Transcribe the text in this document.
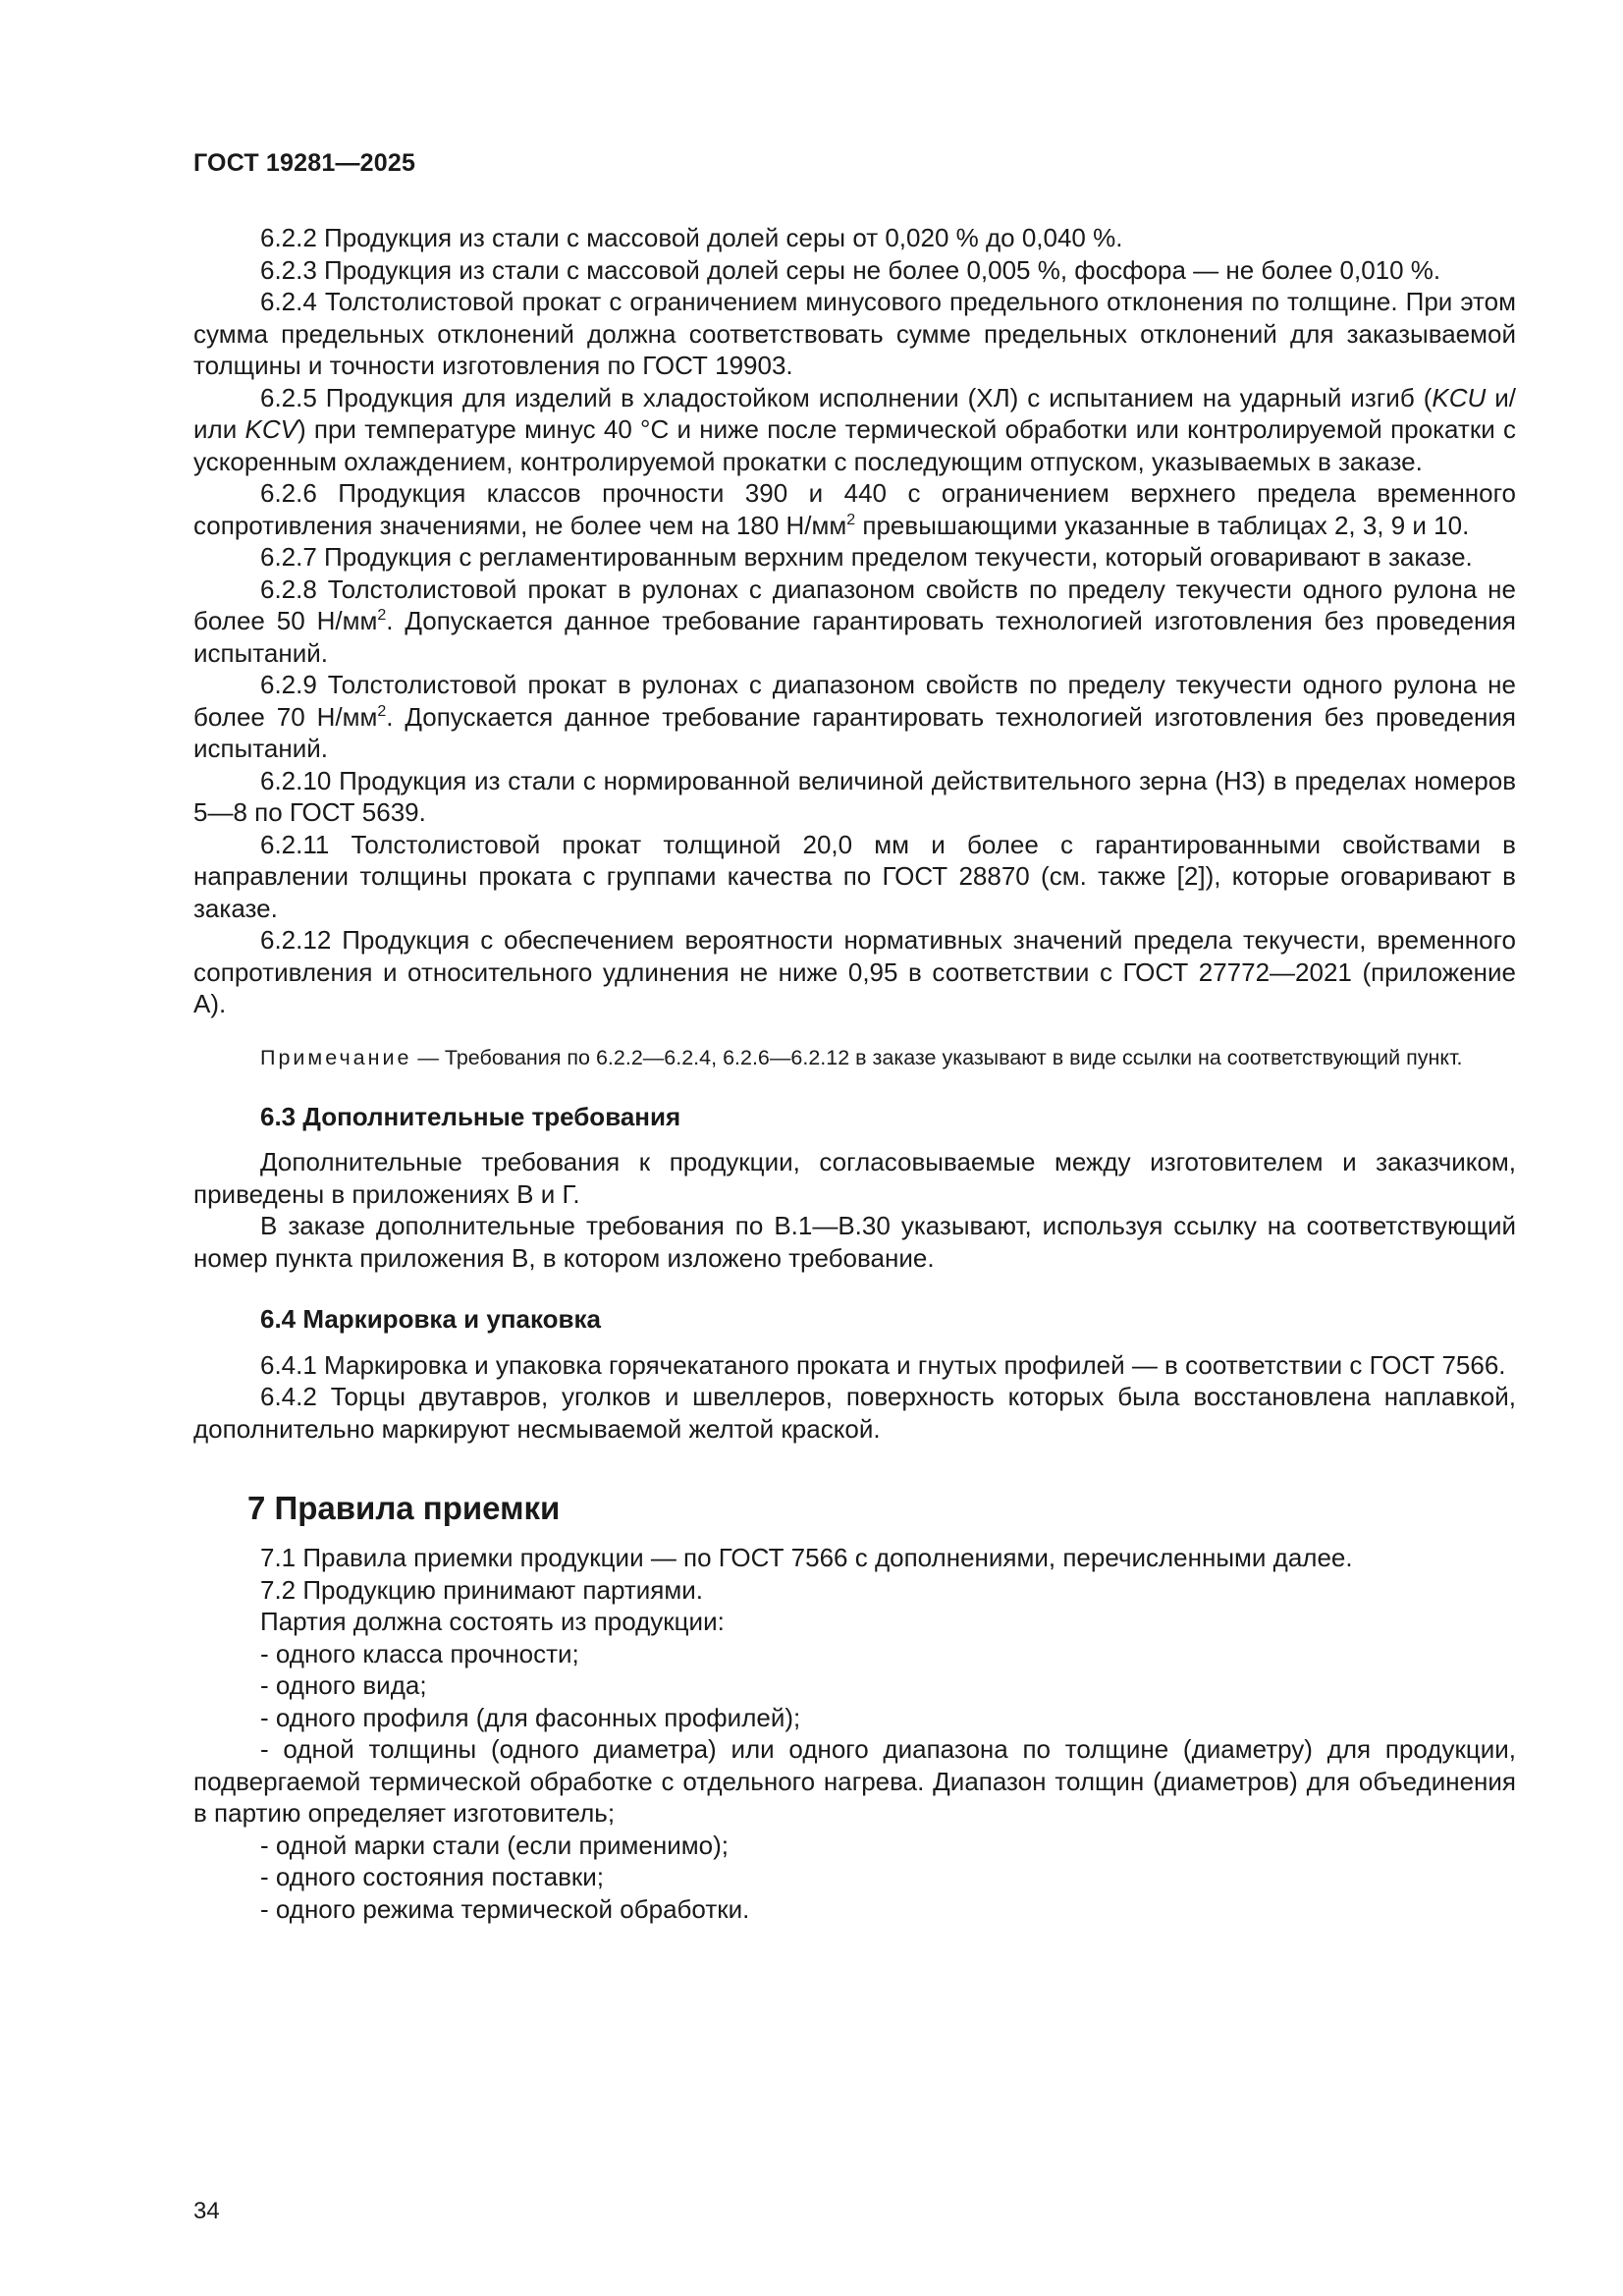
ГОСТ 19281—2025

6.2.2 Продукция из стали с массовой долей серы от 0,020 % до 0,040 %.

6.2.3 Продукция из стали с массовой долей серы не более 0,005 %, фосфора — не более 0,010 %.

6.2.4 Толстолистовой прокат с ограничением минусового предельного отклонения по толщине. При этом сумма предельных отклонений должна соответствовать сумме предельных отклонений для заказываемой толщины и точности изготовления по ГОСТ 19903.

6.2.5 Продукция для изделий в хладостойком исполнении (ХЛ) с испытанием на ударный изгиб (KCU и/или KCV) при температуре минус 40 °С и ниже после термической обработки или контролируемой прокатки с ускоренным охлаждением, контролируемой прокатки с последующим отпуском, указываемых в заказе.

6.2.6 Продукция классов прочности 390 и 440 с ограничением верхнего предела временного сопротивления значениями, не более чем на 180 $Н/мм^2$ превышающими указанные в таблицах 2, 3, 9 и 10.

6.2.7 Продукция с регламентированным верхним пределом текучести, который оговаривают в заказе.

6.2.8 Толстолистовой прокат в рулонах с диапазоном свойств по пределу текучести одного рулона не более 50 $Н/мм^2$. Допускается данное требование гарантировать технологией изготовления без проведения испытаний.

6.2.9 Толстолистовой прокат в рулонах с диапазоном свойств по пределу текучести одного рулона не более 70 $Н/мм^2$. Допускается данное требование гарантировать технологией изготовления без проведения испытаний.

6.2.10 Продукция из стали с нормированной величиной действительного зерна (НЗ) в пределах номеров 5—8 по ГОСТ 5639.

6.2.11 Толстолистовой прокат толщиной 20,0 мм и более с гарантированными свойствами в направлении толщины проката с группами качества по ГОСТ 28870 (см. также [2]), которые оговаривают в заказе.

6.2.12 Продукция с обеспечением вероятности нормативных значений предела текучести, временного сопротивления и относительного удлинения не ниже 0,95 в соответствии с ГОСТ 27772—2021 (приложение А).

Примечание — Требования по 6.2.2—6.2.4, 6.2.6—6.2.12 в заказе указывают в виде ссылки на соответствующий пункт.

6.3 Дополнительные требования

Дополнительные требования к продукции, согласовываемые между изготовителем и заказчиком, приведены в приложениях В и Г.

В заказе дополнительные требования по В.1—В.30 указывают, используя ссылку на соответствующий номер пункта приложения В, в котором изложено требование.

6.4 Маркировка и упаковка

6.4.1 Маркировка и упаковка горячекатаного проката и гнутых профилей — в соответствии с ГОСТ 7566.

6.4.2 Торцы двутавров, уголков и швеллеров, поверхность которых была восстановлена наплавкой, дополнительно маркируют несмываемой желтой краской.

7 Правила приемки

7.1 Правила приемки продукции — по ГОСТ 7566 с дополнениями, перечисленными далее.

7.2 Продукцию принимают партиями.

Партия должна состоять из продукции:

- одного класса прочности;

- одного вида;

- одного профиля (для фасонных профилей);

- одной толщины (одного диаметра) или одного диапазона по толщине (диаметру) для продукции, подвергаемой термической обработке с отдельного нагрева. Диапазон толщин (диаметров) для объединения в партию определяет изготовитель;

- одной марки стали (если применимо);

- одного состояния поставки;

- одного режима термической обработки.

34
